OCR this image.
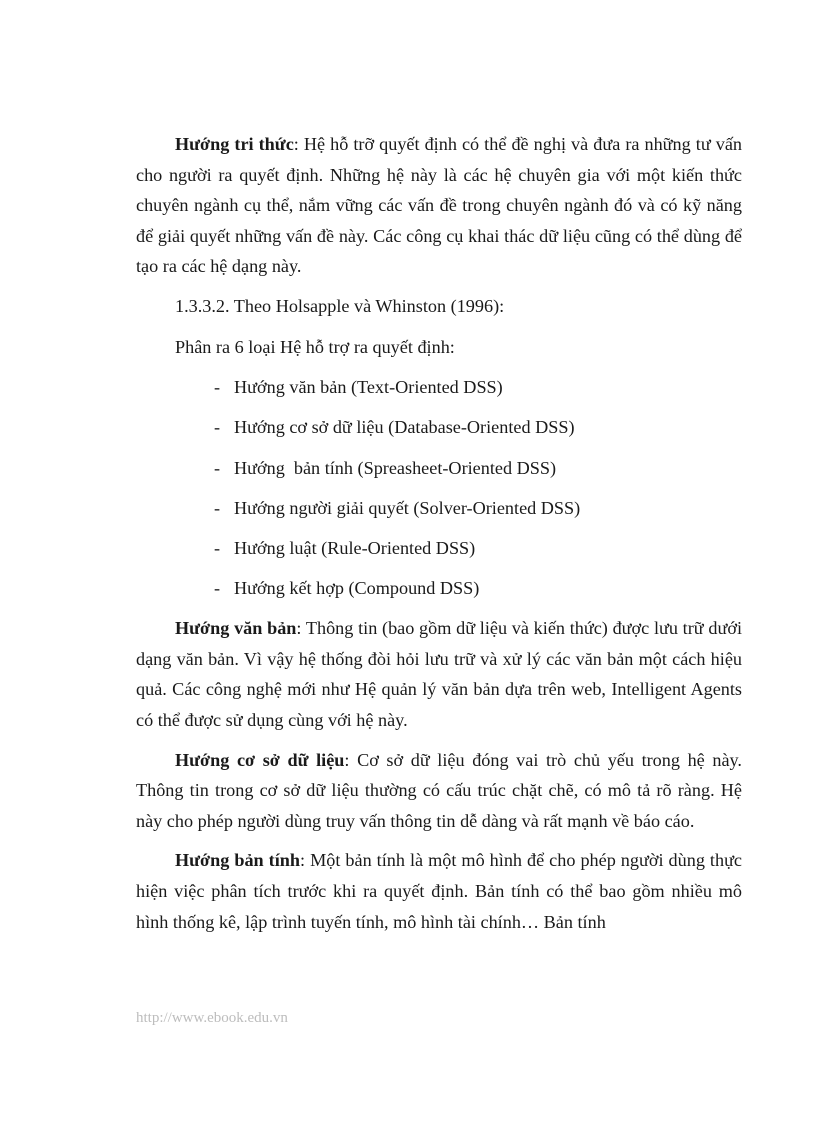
Hướng tri thức: Hệ hỗ trỡ quyết định có thể đề nghị và đưa ra những tư vấn cho người ra quyết định. Những hệ này là các hệ chuyên gia với một kiến thức chuyên ngành cụ thể, nắm vững các vấn đề trong chuyên ngành đó và có kỹ năng để giải quyết những vấn đề này. Các công cụ khai thác dữ liệu cũng có thể dùng để tạo ra các hệ dạng này.

1.3.3.2. Theo Holsapple và Whinston (1996):

Phân ra 6 loại Hệ hỗ trợ ra quyết định:

- Hướng văn bản (Text-Oriented DSS)
- Hướng cơ sở dữ liệu (Database-Oriented DSS)
- Hướng  bản tính (Spreasheet-Oriented DSS)
- Hướng người giải quyết (Solver-Oriented DSS)
- Hướng luật (Rule-Oriented DSS)
- Hướng kết hợp (Compound DSS)

Hướng văn bản: Thông tin (bao gồm dữ liệu và kiến thức) được lưu trữ dưới dạng văn bản. Vì vậy hệ thống đòi hỏi lưu trữ và xử lý các văn bản một cách hiệu quả. Các công nghệ mới như Hệ quản lý văn bản dựa trên web, Intelligent Agents có thể được sử dụng cùng với hệ này.

Hướng cơ sở dữ liệu: Cơ sở dữ liệu đóng vai trò chủ yếu trong hệ này. Thông tin trong cơ sở dữ liệu thường có cấu trúc chặt chẽ, có mô tả rõ ràng. Hệ này cho phép người dùng truy vấn thông tin dễ dàng và rất mạnh về báo cáo.

Hướng bản tính: Một bản tính là một mô hình để cho phép người dùng thực hiện việc phân tích trước khi ra quyết định. Bản tính có thể bao gồm nhiều mô hình thống kê, lập trình tuyến tính, mô hình tài chính… Bản tính

http://www.ebook.edu.vn
